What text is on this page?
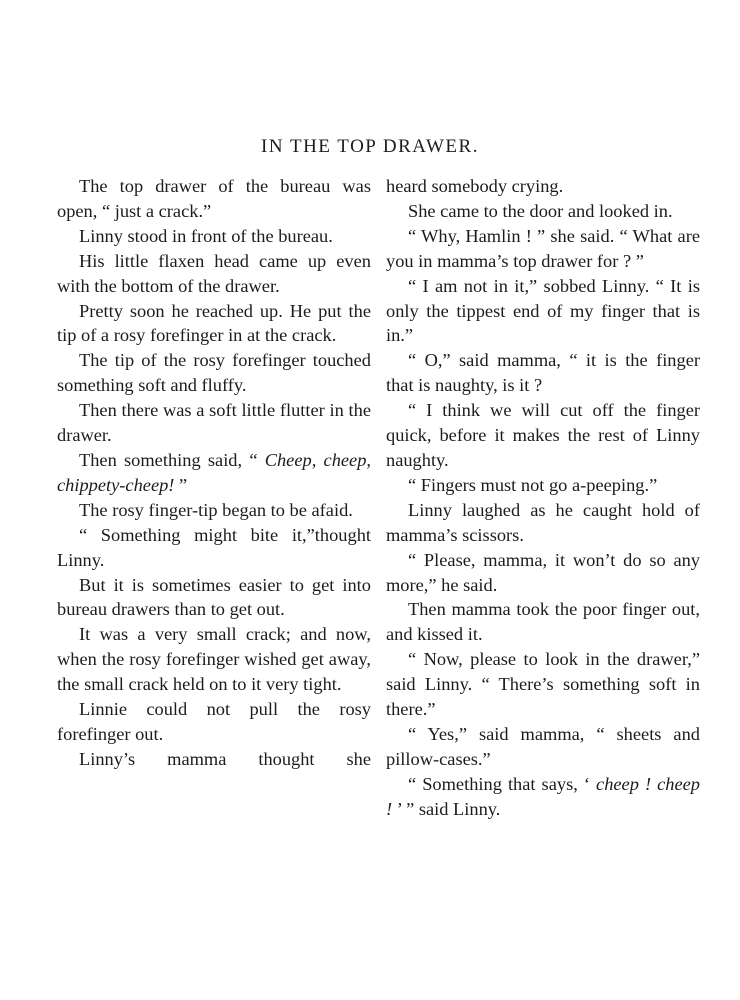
IN THE TOP DRAWER.

The top drawer of the bureau was open, “ just a crack.”

Linny stood in front of the bureau.

His little flaxen head came up even with the bottom of the drawer.

Pretty soon he reached up. He put the tip of a rosy forefinger in at the crack.

The tip of the rosy forefinger touched something soft and fluffy.

Then there was a soft little flutter in the drawer.

Then something said, “ Cheep, cheep, chippety-cheep! ”

The rosy finger-tip began to be afaid.

“ Something might bite it,”thought Linny.

But it is sometimes easier to get into bureau drawers than to get out.

It was a very small crack; and now, when the rosy forefinger wished get away, the small crack held on to it very tight.

Linnie could not pull the rosy forefinger out.

Linny’s mamma thought she

heard somebody crying.

She came to the door and looked in.

“ Why, Hamlin ! ” she said. “ What are you in mamma’s top drawer for ? ”

“ I am not in it,” sobbed Linny. “ It is only the tippest end of my finger that is in.”

“ O,” said mamma, “ it is the finger that is naughty, is it ?

“ I think we will cut off the finger quick, before it makes the rest of Linny naughty.

“ Fingers must not go a-peeping.”

Linny laughed as he caught hold of mamma’s scissors.

“ Please, mamma, it won’t do so any more,” he said.

Then mamma took the poor finger out, and kissed it.

“ Now, please to look in the drawer,” said Linny. “ There’s something soft in there.”

“ Yes,” said mamma, “ sheets and pillow-cases.”

“ Something that says, ‘ cheep ! cheep ! ’ ” said Linny.
